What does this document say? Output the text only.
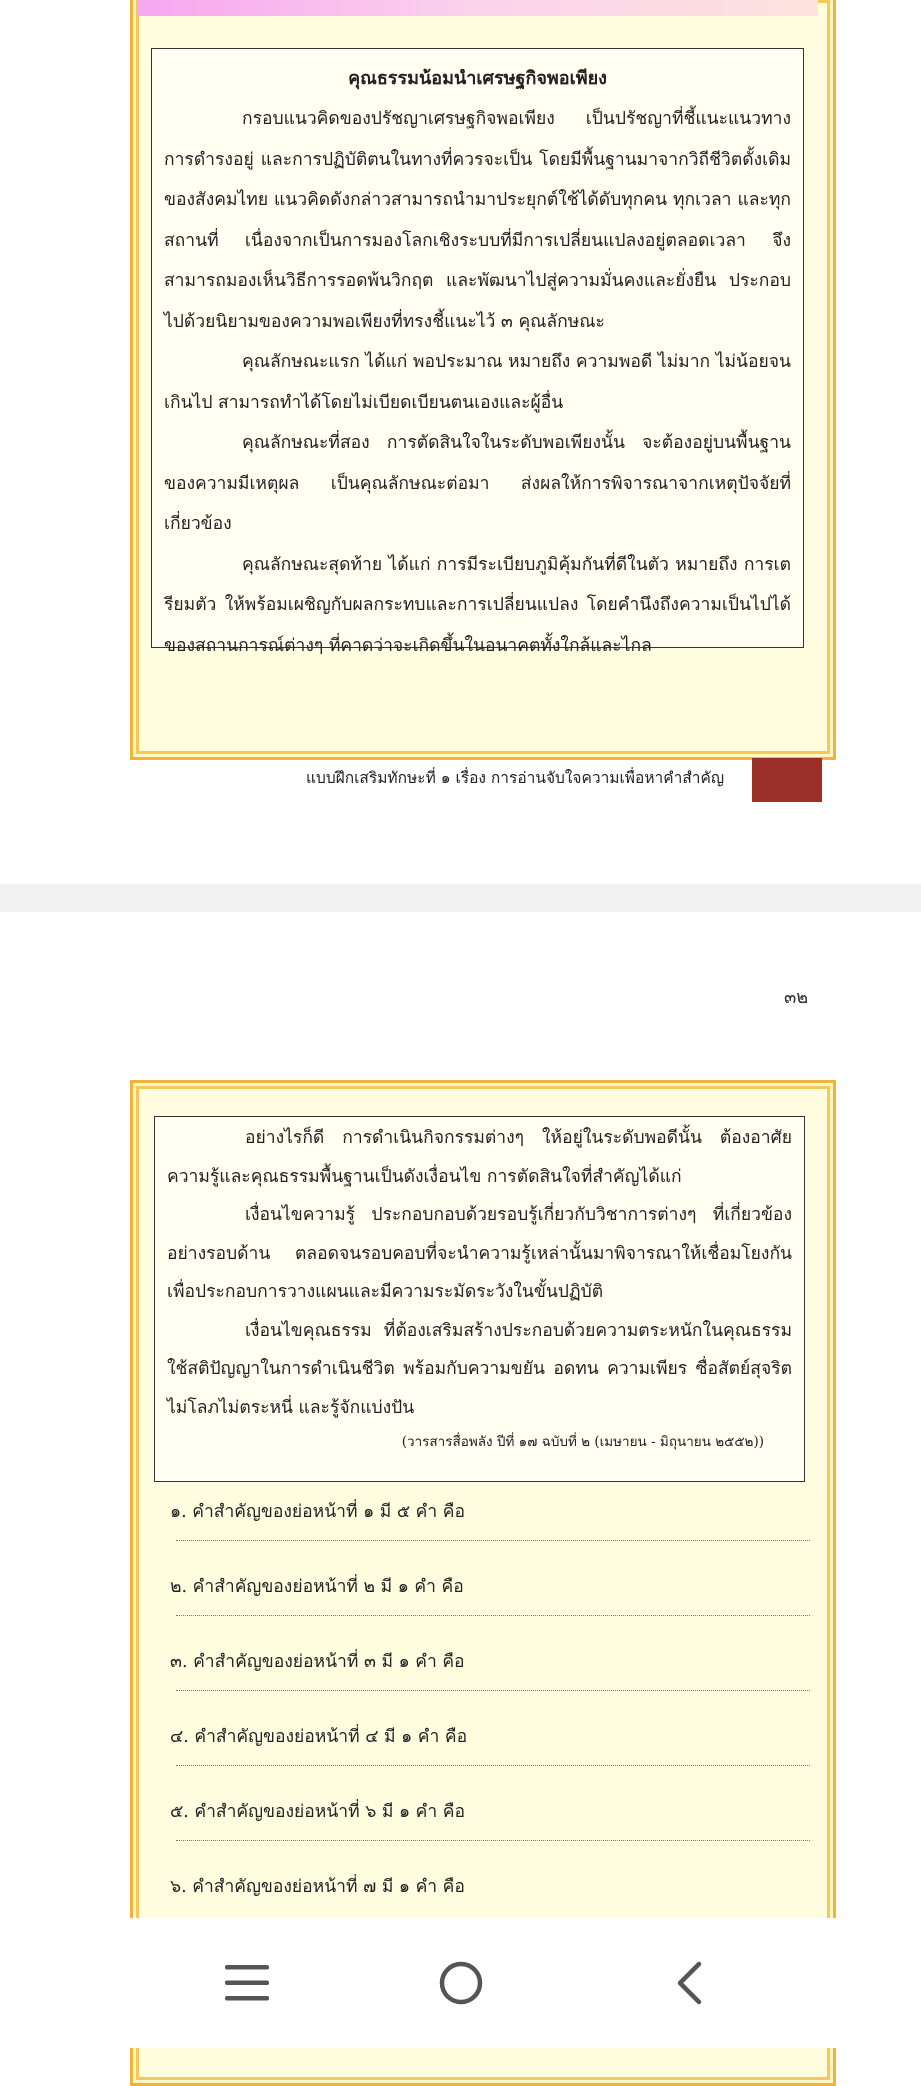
คุณธรรมน้อมนำเศรษฐกิจพอเพียง

กรอบแนวคิดของปรัชญาเศรษฐกิจพอเพียง เป็นปรัชญาที่ชี้แนะแนวทางการดำรงอยู่ และการปฏิบัติตนในทางที่ควรจะเป็น โดยมีพื้นฐานมาจากวิถีชีวิตดั้งเดิมของสังคมไทย แนวคิดดังกล่าวสามารถนำมาประยุกต์ใช้ได้ดับทุกคน ทุกเวลา และทุกสถานที่ เนื่องจากเป็นการมองโลกเชิงระบบที่มีการเปลี่ยนแปลงอยู่ตลอดเวลา จึงสามารถมองเห็นวิธีการรอดพ้นวิกฤต และพัฒนาไปสู่ความมั่นคงและยั่งยืน ประกอบไปด้วยนิยามของความพอเพียงที่ทรงชี้แนะไว้ ๓ คุณลักษณะ

คุณลักษณะแรก ได้แก่ พอประมาณ หมายถึง ความพอดี ไม่มาก ไม่น้อยจนเกินไป สามารถทำได้โดยไม่เบียดเบียนตนเองและผู้อื่น

คุณลักษณะที่สอง การตัดสินใจในระดับพอเพียงนั้น จะต้องอยู่บนพื้นฐานของความมีเหตุผล เป็นคุณลักษณะต่อมา ส่งผลให้การพิจารณาจากเหตุปัจจัยที่เกี่ยวข้อง

คุณลักษณะสุดท้าย ได้แก่ การมีระเบียบภูมิคุ้มกันที่ดีในตัว หมายถึง การเตรียมตัว ให้พร้อมเผชิญกับผลกระทบและการเปลี่ยนแปลง โดยคำนึงถึงความเป็นไปได้ของสถานการณ์ต่างๆ ที่คาดว่าจะเกิดขึ้นในอนาคตทั้งใกล้และไกล

แบบฝึกเสริมทักษะที่ ๑ เรื่อง การอ่านจับใจความเพื่อหาคำสำคัญ
๓๒

อย่างไรก็ดี การดำเนินกิจกรรมต่างๆ ให้อยู่ในระดับพอดีนั้น ต้องอาศัยความรู้และคุณธรรมพื้นฐานเป็นดังเงื่อนไข การตัดสินใจที่สำคัญได้แก่

เงื่อนไขความรู้ ประกอบกอบด้วยรอบรู้เกี่ยวกับวิชาการต่างๆ ที่เกี่ยวข้องอย่างรอบด้าน ตลอดจนรอบคอบที่จะนำความรู้เหล่านั้นมาพิจารณาให้เชื่อมโยงกันเพื่อประกอบการวางแผนและมีความระมัดระวังในขั้นปฏิบัติ

เงื่อนไขคุณธรรม ที่ต้องเสริมสร้างประกอบด้วยความตระหนักในคุณธรรม ใช้สติปัญญาในการดำเนินชีวิต พร้อมกับความขยัน อดทน ความเพียร ซื่อสัตย์สุจริต ไม่โลภไม่ตระหนี่ และรู้จักแบ่งปัน

(วารสารสื่อพลัง ปีที่ ๑๗ ฉบับที่ ๒ (เมษายน - มิถุนายน ๒๕๕๒))

๑. คำสำคัญของย่อหน้าที่ ๑ มี ๕ คำ คือ
๒. คำสำคัญของย่อหน้าที่ ๒ มี ๑ คำ คือ
๓. คำสำคัญของย่อหน้าที่ ๓ มี ๑ คำ คือ
๔. คำสำคัญของย่อหน้าที่ ๔ มี ๑ คำ คือ
๕. คำสำคัญของย่อหน้าที่ ๖ มี ๑ คำ คือ
๖. คำสำคัญของย่อหน้าที่ ๗ มี ๑ คำ คือ
